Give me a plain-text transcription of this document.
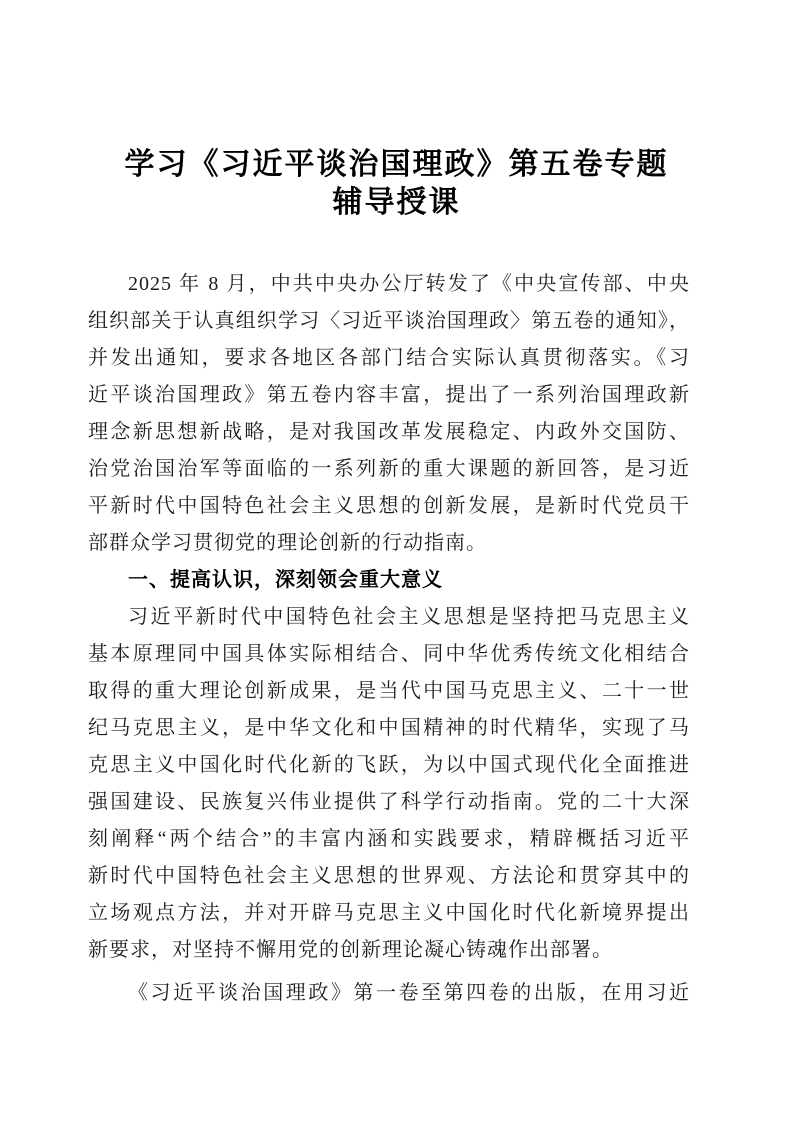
学习《习近平谈治国理政》第五卷专题
辅导授课
2025 年 8 月，中共中央办公厅转发了《中央宣传部、中央
组织部关于认真组织学习〈习近平谈治国理政〉第五卷的通知》，
并发出通知，要求各地区各部门结合实际认真贯彻落实。《习
近平谈治国理政》第五卷内容丰富，提出了一系列治国理政新
理念新思想新战略，是对我国改革发展稳定、内政外交国防、
治党治国治军等面临的一系列新的重大课题的新回答，是习近
平新时代中国特色社会主义思想的创新发展，是新时代党员干
部群众学习贯彻党的理论创新的行动指南。
一、提高认识，深刻领会重大意义
习近平新时代中国特色社会主义思想是坚持把马克思主义
基本原理同中国具体实际相结合、同中华优秀传统文化相结合
取得的重大理论创新成果，是当代中国马克思主义、二十一世
纪马克思主义，是中华文化和中国精神的时代精华，实现了马
克思主义中国化时代化新的飞跃，为以中国式现代化全面推进
强国建设、民族复兴伟业提供了科学行动指南。党的二十大深
刻阐释“两个结合”的丰富内涵和实践要求，精辟概括习近平
新时代中国特色社会主义思想的世界观、方法论和贯穿其中的
立场观点方法，并对开辟马克思主义中国化时代化新境界提出
新要求，对坚持不懈用党的创新理论凝心铸魂作出部署。
《习近平谈治国理政》第一卷至第四卷的出版，在用习近
